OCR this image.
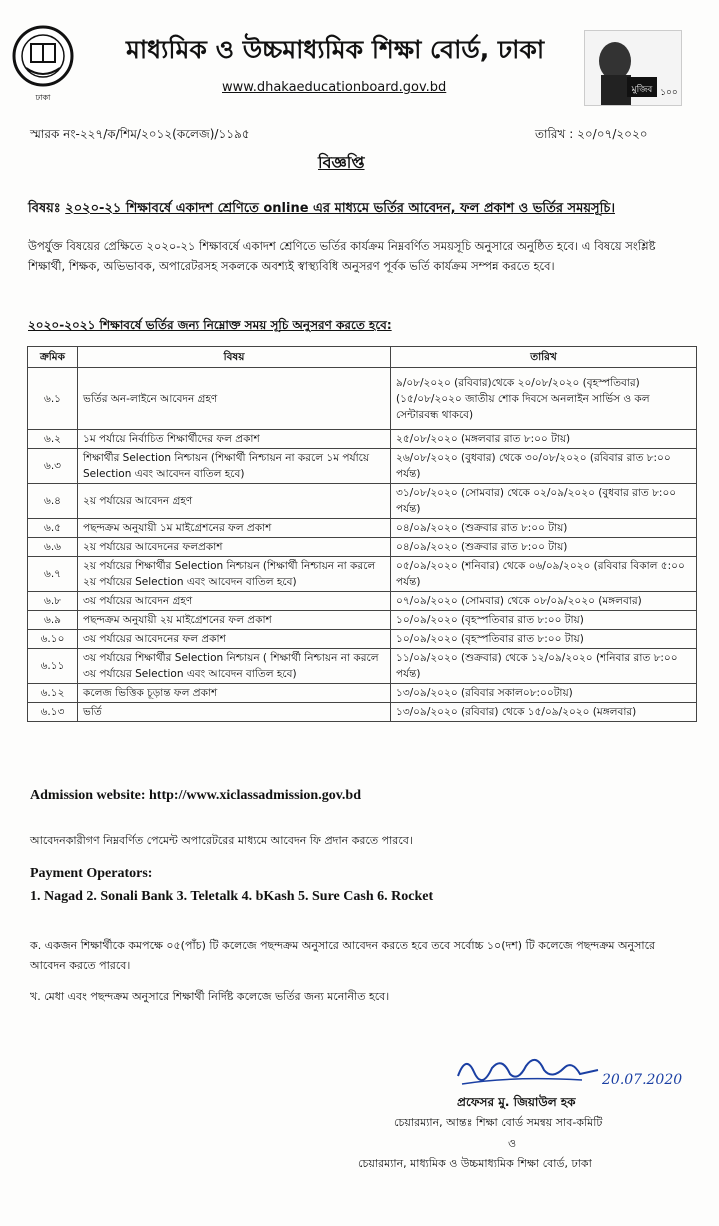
ঢাকা
মাধ্যমিক ও উচ্চমাধ্যমিক শিক্ষা বোর্ড, ঢাকা
www.dhakaeducationboard.gov.bd	মুজিব ১০০
স্মারক নং-২২৭/ক/শিম/২০১২(কলেজ)/১১৯৫	তারিখ : ২০/০৭/২০২০
বিজ্ঞপ্তি
বিষয়ঃ ২০২০-২১ শিক্ষাবর্ষে একাদশ শ্রেণিতে online এর মাধ্যমে ভর্তির আবেদন, ফল প্রকাশ ও ভর্তির সময়সূচি।
উপর্যুক্ত বিষয়ের প্রেক্ষিতে ২০২০-২১ শিক্ষাবর্ষে একাদশ শ্রেণিতে ভর্তির কার্যক্রম নিম্নবর্ণিত সময়সূচি অনুসারে অনুষ্ঠিত হবে। এ বিষয়ে সংশ্লিষ্ট শিক্ষার্থী, শিক্ষক, অভিভাবক, অপারেটরসহ সকলকে অবশ্যই স্বাস্থ্যবিধি অনুসরণ পূর্বক ভর্তি কার্যক্রম সম্পন্ন করতে হবে।
২০২০-২০২১ শিক্ষাবর্ষে ভর্তির জন্য নিম্নোক্ত সময় সূচি অনুসরণ করতে হবে:
ক্রমিক	বিষয়	তারিখ
৬.১	ভর্তির অন-লাইনে আবেদন গ্রহণ	৯/০৮/২০২০ (রবিবার)থেকে ২০/০৮/২০২০ (বৃহস্পতিবার) (১৫/০৮/২০২০ জাতীয় শোক দিবসে অনলাইন সার্ভিস ও কল সেন্টারবন্ধ থাকবে)
৬.২	১ম পর্যায়ে নির্বাচিত শিক্ষার্থীদের ফল প্রকাশ	২৫/০৮/২০২০ (মঙ্গলবার রাত ৮:০০ টায়)
৬.৩	শিক্ষার্থীর Selection নিশ্চায়ন (শিক্ষার্থী নিশ্চায়ন না করলে ১ম পর্যায়ে Selection এবং আবেদন বাতিল হবে)	২৬/০৮/২০২০ (বুধবার) থেকে ৩০/০৮/২০২০ (রবিবার রাত ৮:০০ পর্যন্ত)
৬.৪	২য় পর্যায়ের আবেদন গ্রহণ	৩১/০৮/২০২০ (সোমবার) থেকে ০২/০৯/২০২০ (বুধবার রাত ৮:০০ পর্যন্ত)
৬.৫	পছন্দক্রম অনুযায়ী ১ম মাইগ্রেশনের ফল প্রকাশ	০৪/০৯/২০২০ (শুক্রবার রাত ৮:০০ টায়)
৬.৬	২য় পর্যায়ের আবেদনের ফলপ্রকাশ	০৪/০৯/২০২০ (শুক্রবার রাত ৮:০০ টায়)
৬.৭	২য় পর্যায়ের শিক্ষার্থীর Selection নিশ্চায়ন (শিক্ষার্থী নিশ্চায়ন না করলে ২য় পর্যায়ের Selection এবং আবেদন বাতিল হবে)	০৫/০৯/২০২০ (শনিবার) থেকে ০৬/০৯/২০২০ (রবিবার বিকাল ৫:০০ পর্যন্ত)
৬.৮	৩য় পর্যায়ের আবেদন গ্রহণ	০৭/০৯/২০২০ (সোমবার) থেকে ০৮/০৯/২০২০ (মঙ্গলবার)
৬.৯	পছন্দক্রম অনুযায়ী ২য় মাইগ্রেশনের ফল প্রকাশ	১০/০৯/২০২০ (বৃহস্পতিবার রাত ৮:০০ টায়)
৬.১০	৩য় পর্যায়ের আবেদনের ফল প্রকাশ	১০/০৯/২০২০ (বৃহস্পতিবার রাত ৮:০০ টায়)
৬.১১	৩য় পর্যায়ের শিক্ষার্থীর Selection নিশ্চায়ন ( শিক্ষার্থী নিশ্চায়ন না করলে ৩য় পর্যায়ের Selection এবং আবেদন বাতিল হবে)	১১/০৯/২০২০ (শুক্রবার) থেকে ১২/০৯/২০২০ (শনিবার রাত ৮:০০ পর্যন্ত)
৬.১২	কলেজ ভিত্তিক চূড়ান্ত ফল প্রকাশ	১৩/০৯/২০২০ (রবিবার সকাল০৮:০০টায়)
৬.১৩	ভর্তি	১৩/০৯/২০২০ (রবিবার) থেকে ১৫/০৯/২০২০ (মঙ্গলবার)
Admission website: http://www.xiclassadmission.gov.bd
আবেদনকারীগণ নিম্নবর্ণিত পেমেন্ট অপারেটরের মাধ্যমে আবেদন ফি প্রদান করতে পারবে।
Payment Operators:
1. Nagad 2. Sonali Bank 3. Teletalk 4. bKash 5. Sure Cash 6. Rocket
ক. একজন শিক্ষার্থীকে কমপক্ষে ০৫(পাঁচ) টি কলেজে পছন্দক্রম অনুসারে আবেদন করতে হবে তবে সর্বোচ্চ ১০(দশ) টি কলেজে পছন্দক্রম অনুসারে আবেদন করতে পারবে।
খ. মেধা এবং পছন্দক্রম অনুসারে শিক্ষার্থী নির্দিষ্ট কলেজে ভর্তির জন্য মনোনীত হবে।
20.07.2020
প্রফেসর মু. জিয়াউল হক
চেয়ারম্যান, আন্তঃ শিক্ষা বোর্ড সমন্বয় সাব-কমিটি
ও
চেয়ারম্যান, মাধ্যমিক ও উচ্চমাধ্যমিক শিক্ষা বোর্ড, ঢাকা
